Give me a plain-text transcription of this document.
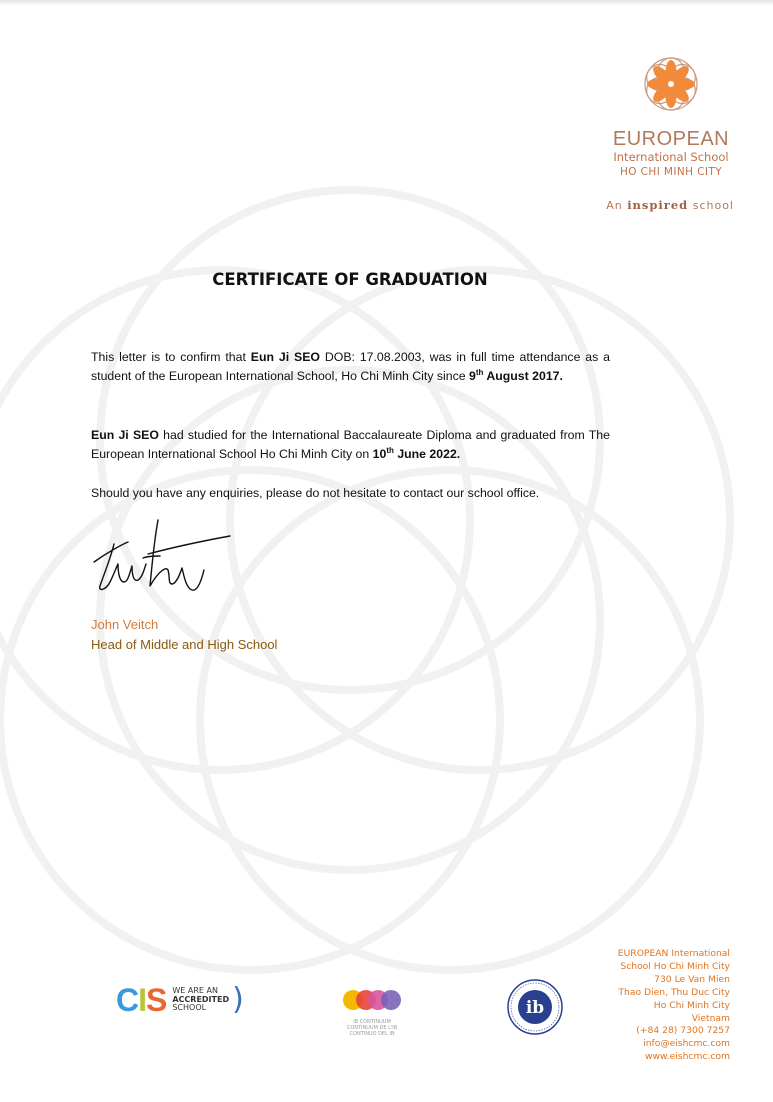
EUROPEAN
International School
HO CHI MINH CITY
An inspired school
CERTIFICATE OF GRADUATION
This letter is to confirm that Eun Ji SEO DOB: 17.08.2003, was in full time attendance as a student of the European International School, Ho Chi Minh City since 9th August 2017.
Eun Ji SEO had studied for the International Baccalaureate Diploma and graduated from The European International School Ho Chi Minh City on 10th June 2022.
Should you have any enquiries, please do not hesitate to contact our school office.
John Veitch
Head of Middle and High School
CIS WE ARE AN
ACCREDITED
SCHOOL )
IB CONTINUUM
CONTINUUM DE L'IB
CONTINUO DEL IB
ib
EUROPEAN International
School Ho Chi Minh City
730 Le Van Mien
Thao Dien, Thu Duc City
Ho Chi Minh City
Vietnam
(+84 28) 7300 7257
info@eishcmc.com
www.eishcmc.com
